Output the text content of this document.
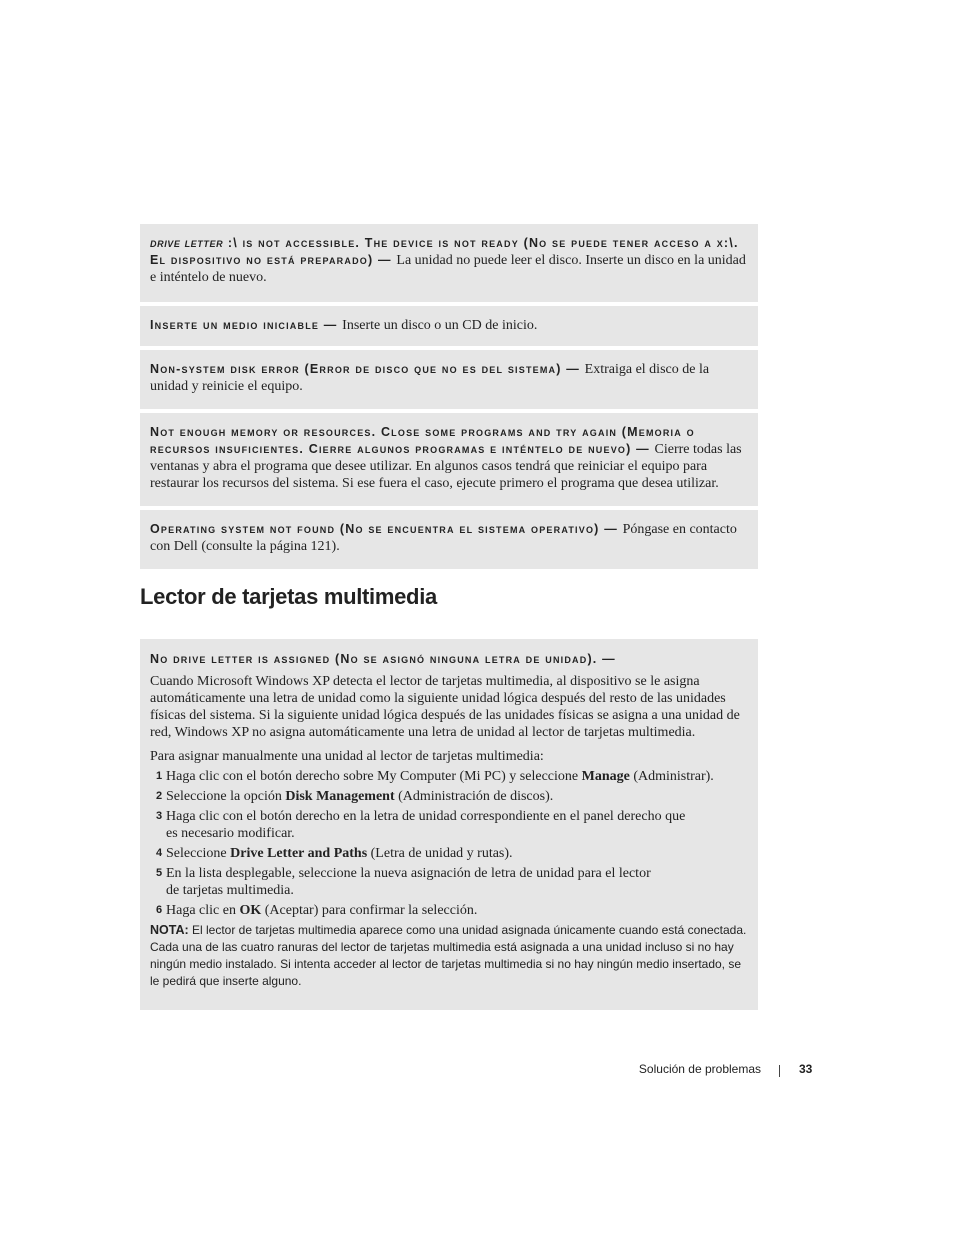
drive letter :\ is not accessible. The device is not ready (No se puede tener acceso a x:\. El dispositivo no está preparado) — La unidad no puede leer el disco. Inserte un disco en la unidad e inténtelo de nuevo.
Inserte un medio iniciable — Inserte un disco o un CD de inicio.
Non-system disk error (Error de disco que no es del sistema) — Extraiga el disco de la unidad y reinicie el equipo.
Not enough memory or resources. Close some programs and try again (Memoria o recursos insuficientes. Cierre algunos programas e inténtelo de nuevo) — Cierre todas las ventanas y abra el programa que desee utilizar. En algunos casos tendrá que reiniciar el equipo para restaurar los recursos del sistema. Si ese fuera el caso, ejecute primero el programa que desea utilizar.
Operating system not found (No se encuentra el sistema operativo) — Póngase en contacto con Dell (consulte la página 121).
Lector de tarjetas multimedia
No drive letter is assigned (No se asignó ninguna letra de unidad). —

Cuando Microsoft Windows XP detecta el lector de tarjetas multimedia, al dispositivo se le asigna automáticamente una letra de unidad como la siguiente unidad lógica después del resto de las unidades físicas del sistema. Si la siguiente unidad lógica después de las unidades físicas se asigna a una unidad de red, Windows XP no asigna automáticamente una letra de unidad al lector de tarjetas multimedia.

Para asignar manualmente una unidad al lector de tarjetas multimedia:

1 Haga clic con el botón derecho sobre My Computer (Mi PC) y seleccione Manage (Administrar).
2 Seleccione la opción Disk Management (Administración de discos).
3 Haga clic con el botón derecho en la letra de unidad correspondiente en el panel derecho que es necesario modificar.
4 Seleccione Drive Letter and Paths (Letra de unidad y rutas).
5 En la lista desplegable, seleccione la nueva asignación de letra de unidad para el lector de tarjetas multimedia.
6 Haga clic en OK (Aceptar) para confirmar la selección.
NOTA: El lector de tarjetas multimedia aparece como una unidad asignada únicamente cuando está conectada. Cada una de las cuatro ranuras del lector de tarjetas multimedia está asignada a una unidad incluso si no hay ningún medio instalado. Si intenta acceder al lector de tarjetas multimedia si no hay ningún medio insertado, se le pedirá que inserte alguno.
Solución de problemas	33
